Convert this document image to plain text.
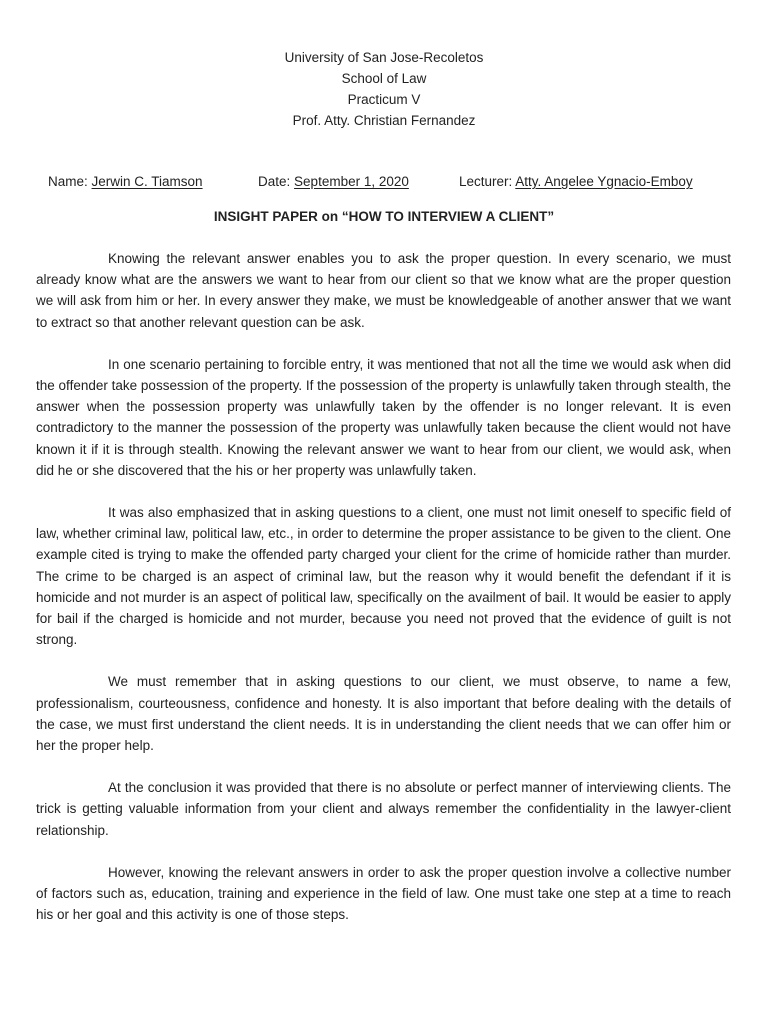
University of San Jose-Recoletos
School of Law
Practicum V
Prof. Atty. Christian Fernandez
Name: Jerwin C. Tiamson	Date: September 1, 2020	Lecturer: Atty. Angelee Ygnacio-Emboy
INSIGHT PAPER on “HOW TO INTERVIEW A CLIENT”

Knowing the relevant answer enables you to ask the proper question. In every scenario, we must already know what are the answers we want to hear from our client so that we know what are the proper question we will ask from him or her. In every answer they make, we must be knowledgeable of another answer that we want to extract so that another relevant question can be ask.

In one scenario pertaining to forcible entry, it was mentioned that not all the time we would ask when did the offender take possession of the property. If the possession of the property is unlawfully taken through stealth, the answer when the possession property was unlawfully taken by the offender is no longer relevant. It is even contradictory to the manner the possession of the property was unlawfully taken because the client would not have known it if it is through stealth. Knowing the relevant answer we want to hear from our client, we would ask, when did he or she discovered that the his or her property was unlawfully taken.

It was also emphasized that in asking questions to a client, one must not limit oneself to specific field of law, whether criminal law, political law, etc., in order to determine the proper assistance to be given to the client. One example cited is trying to make the offended party charged your client for the crime of homicide rather than murder. The crime to be charged is an aspect of criminal law, but the reason why it would benefit the defendant if it is homicide and not murder is an aspect of political law, specifically on the availment of bail. It would be easier to apply for bail if the charged is homicide and not murder, because you need not proved that the evidence of guilt is not strong.

We must remember that in asking questions to our client, we must observe, to name a few, professionalism, courteousness, confidence and honesty. It is also important that before dealing with the details of the case, we must first understand the client needs. It is in understanding the client needs that we can offer him or her the proper help.

At the conclusion it was provided that there is no absolute or perfect manner of interviewing clients. The trick is getting valuable information from your client and always remember the confidentiality in the lawyer-client relationship.

However, knowing the relevant answers in order to ask the proper question involve a collective number of factors such as, education, training and experience in the field of law. One must take one step at a time to reach his or her goal and this activity is one of those steps.
